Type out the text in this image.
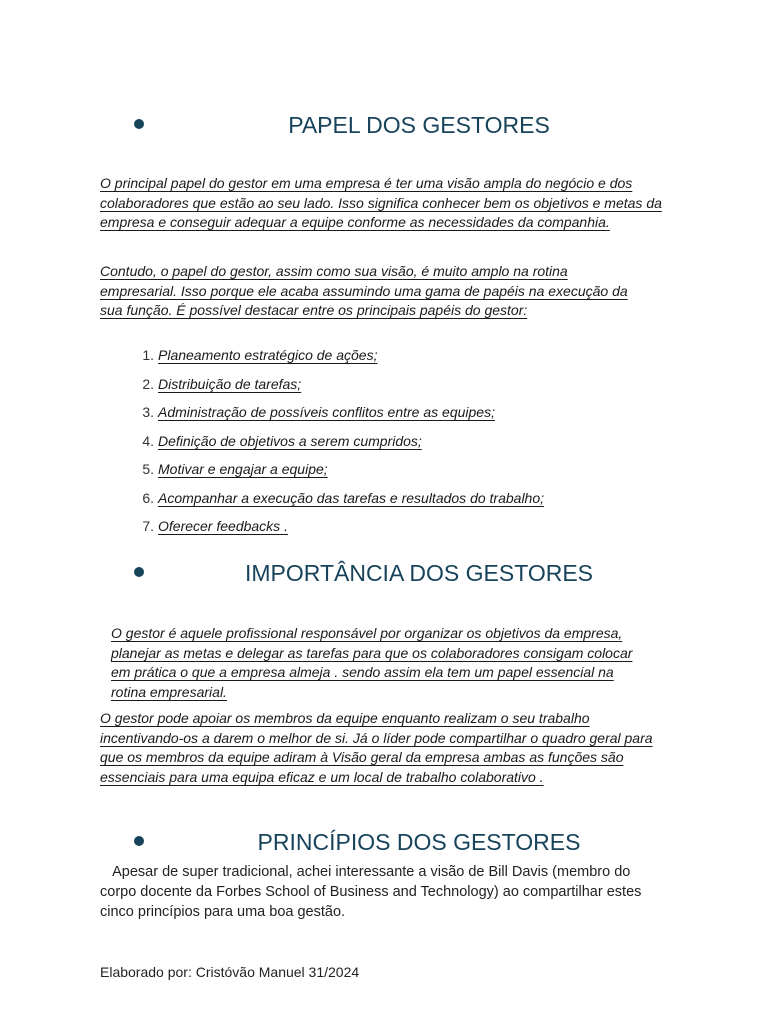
PAPEL DOS GESTORES

O principal papel do gestor em uma empresa é ter uma visão ampla do negócio e dos colaboradores que estão ao seu lado. Isso significa conhecer bem os objetivos e metas da empresa e conseguir adequar a equipe conforme as necessidades da companhia.

Contudo, o papel do gestor, assim como sua visão, é muito amplo na rotina empresarial. Isso porque ele acaba assumindo uma gama de papéis na execução da sua função. É possível destacar entre os principais papéis do gestor:

1. Planeamento estratégico de ações;
2. Distribuição de tarefas;
3. Administração de possíveis conflitos entre as equipes;
4. Definição de objetivos a serem cumpridos;
5. Motivar e engajar a equipe;
6. Acompanhar a execução das tarefas e resultados do trabalho;
7. Oferecer feedbacks .
IMPORTÂNCIA DOS GESTORES

O gestor é aquele profissional responsável por organizar os objetivos da empresa, planejar as metas e delegar as tarefas para que os colaboradores consigam colocar em prática o que a empresa almeja . sendo assim ela tem um papel essencial na rotina empresarial.

O gestor pode apoiar os membros da equipe enquanto realizam o seu trabalho incentivando-os a darem o melhor de si. Já o líder pode compartilhar o quadro geral para que os membros da equipe adiram à Visão geral da empresa ambas as funções são essenciais para uma equipa eficaz e um local de trabalho colaborativo .

PRINCÍPIOS DOS GESTORES

Apesar de super tradicional, achei interessante a visão de Bill Davis (membro do corpo docente da Forbes School of Business and Technology) ao compartilhar estes cinco princípios para uma boa gestão.

Elaborado por: Cristóvão Manuel 31/2024
